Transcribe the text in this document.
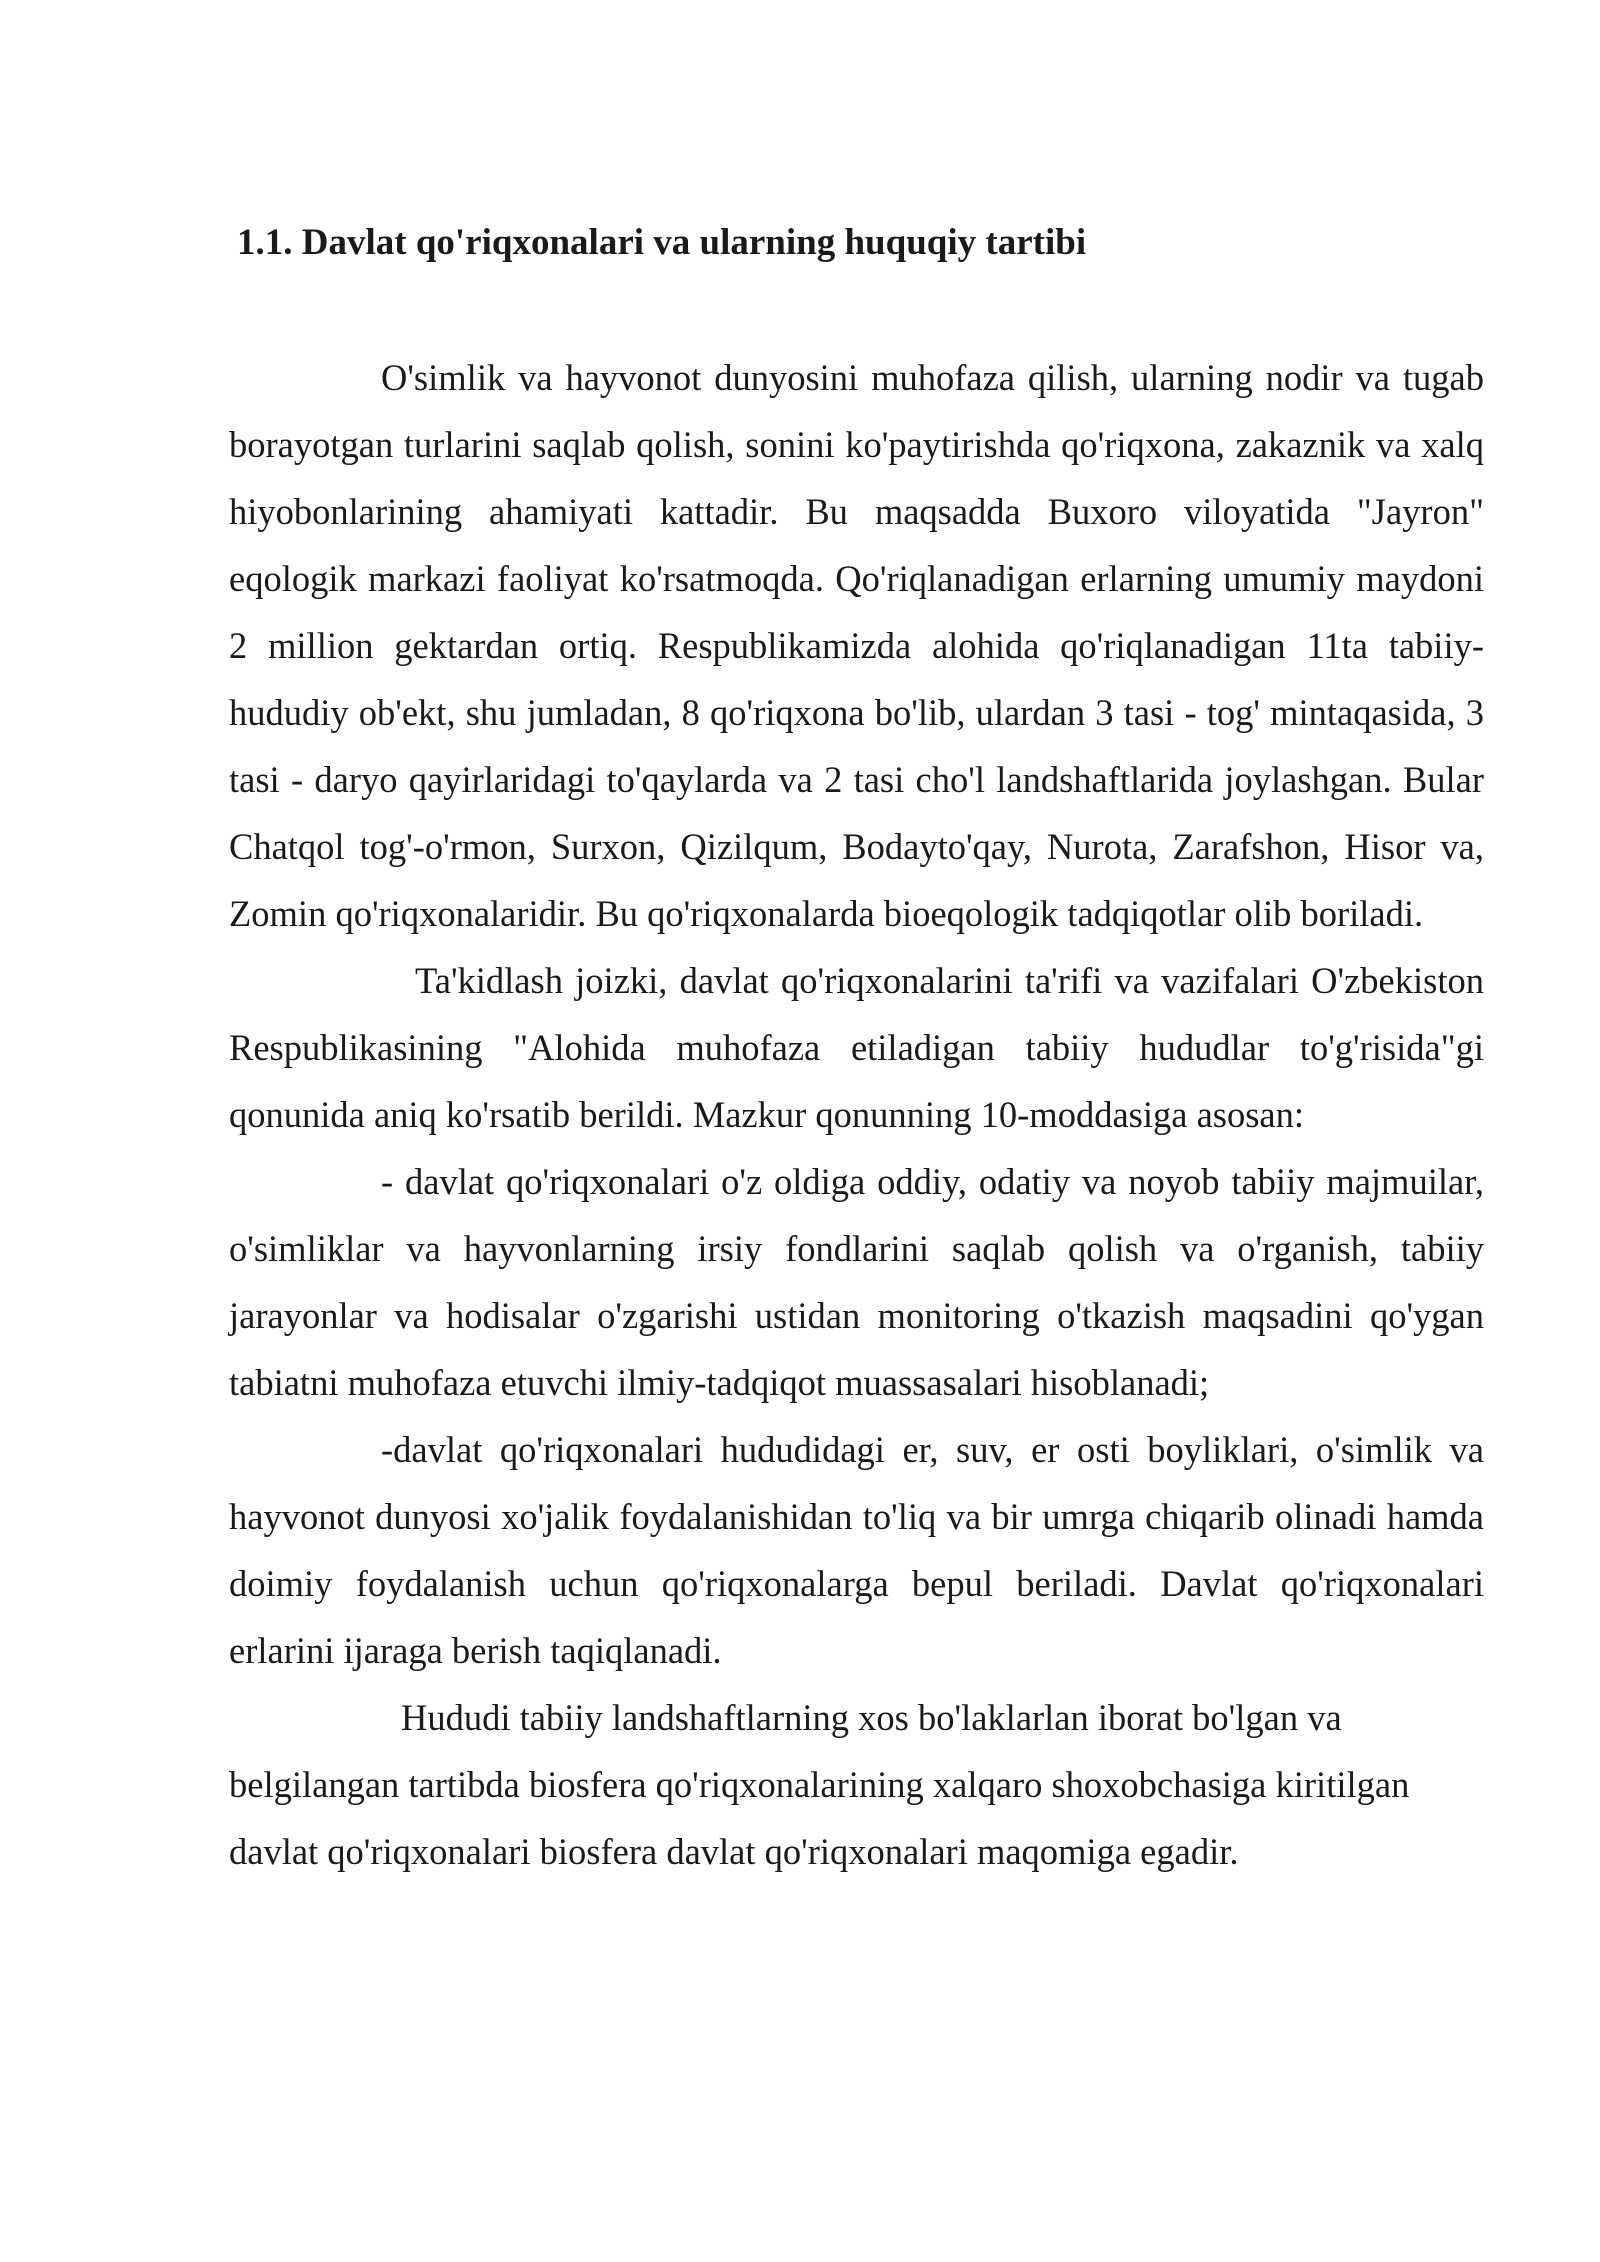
1.1. Davlat qo'riqxonalari va ularning huquqiy tartibi

O'simlik va hayvonot dunyosini muhofaza qilish, ularning nodir va tugab borayotgan turlarini saqlab qolish, sonini ko'paytirishda qo'riqxona, zakaznik va xalq hiyobonlarining ahamiyati kattadir. Bu maqsadda Buxoro viloyatida "Jayron" eqologik markazi faoliyat ko'rsatmoqda. Qo'riqlanadigan erlarning umumiy maydoni 2 million gektardan ortiq. Respublikamizda alohida qo'riqlanadigan 11ta tabiiy-hududiy ob'ekt, shu jumladan, 8 qo'riqxona bo'lib, ulardan 3 tasi - tog' mintaqasida, 3 tasi - daryo qayirlaridagi to'qaylarda va 2 tasi cho'l landshaftlarida joylashgan. Bular Chatqol tog'-o'rmon, Surxon, Qizilqum, Bodayto'qay, Nurota, Zarafshon, Hisor va, Zomin qo'riqxonalaridir. Bu qo'riqxonalarda bioeqologik tadqiqotlar olib boriladi.

Ta'kidlash joizki, davlat qo'riqxonalarini ta'rifi va vazifalari O'zbekiston Respublikasining "Alohida muhofaza etiladigan tabiiy hududlar to'g'risida"gi qonunida aniq ko'rsatib berildi. Mazkur qonunning 10-moddasiga asosan:

- davlat qo'riqxonalari o'z oldiga oddiy, odatiy va noyob tabiiy majmuilar, o'simliklar va hayvonlarning irsiy fondlarini saqlab qolish va o'rganish, tabiiy jarayonlar va hodisalar o'zgarishi ustidan monitoring o'tkazish maqsadini qo'ygan tabiatni muhofaza etuvchi ilmiy-tadqiqot muassasalari hisoblanadi;

-davlat qo'riqxonalari hududidagi er, suv, er osti boyliklari, o'simlik va hayvonot dunyosi xo'jalik foydalanishidan to'liq va bir umrga chiqarib olinadi hamda doimiy foydalanish uchun qo'riqxonalarga bepul beriladi. Davlat qo'riqxonalari erlarini ijaraga berish taqiqlanadi.

Hududi tabiiy landshaftlarning xos bo'laklarlan iborat bo'lgan va belgilangan tartibda biosfera qo'riqxonalarining xalqaro shoxobchasiga kiritilgan davlat qo'riqxonalari biosfera davlat qo'riqxonalari maqomiga egadir.
